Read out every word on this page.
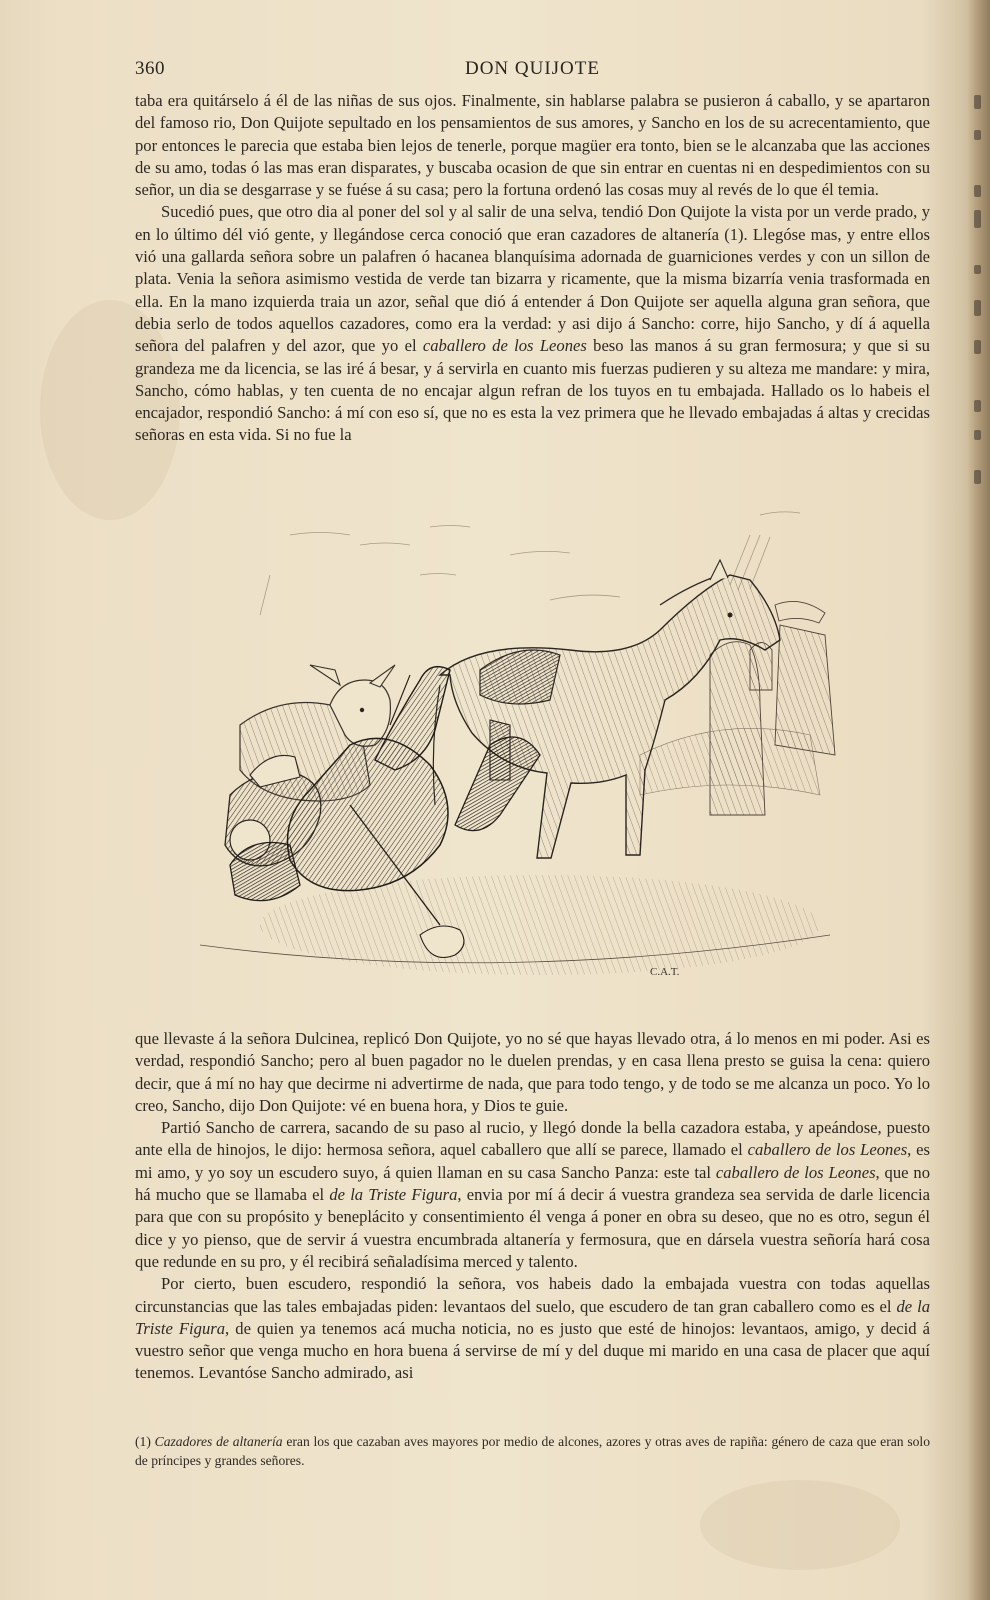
360	DON QUIJOTE

taba era quitárselo á él de las niñas de sus ojos. Finalmente, sin hablarse palabra se pusieron á caballo, y se apartaron del famoso rio, Don Quijote sepultado en los pensamientos de sus amores, y Sancho en los de su acrecentamiento, que por entonces le parecia que estaba bien lejos de tenerle, porque magüer era tonto, bien se le alcanzaba que las acciones de su amo, todas ó las mas eran disparates, y buscaba ocasion de que sin entrar en cuentas ni en despedimientos con su señor, un dia se desgarrase y se fuése á su casa; pero la fortuna ordenó las cosas muy al revés de lo que él temia.

Sucedió pues, que otro dia al poner del sol y al salir de una selva, tendió Don Quijote la vista por un verde prado, y en lo último dél vió gente, y llegándose cerca conoció que eran cazadores de altanería (1). Llegóse mas, y entre ellos vió una gallarda señora sobre un palafren ó hacanea blanquísima adornada de guarniciones verdes y con un sillon de plata. Venia la señora asimismo vestida de verde tan bizarra y ricamente, que la misma bizarría venia trasformada en ella. En la mano izquierda traia un azor, señal que dió á entender á Don Quijote ser aquella alguna gran señora, que debia serlo de todos aquellos cazadores, como era la verdad: y asi dijo á Sancho: corre, hijo Sancho, y dí á aquella señora del palafren y del azor, que yo el caballero de los Leones beso las manos á su gran fermosura; y que si su grandeza me da licencia, se las iré á besar, y á servirla en cuanto mis fuerzas pudieren y su alteza me mandare: y mira, Sancho, cómo hablas, y ten cuenta de no encajar algun refran de los tuyos en tu embajada. Hallado os lo habeis el encajador, respondió Sancho: á mí con eso sí, que no es esta la vez primera que he llevado embajadas á altas y crecidas señoras en esta vida. Si no fue la

C.A.T.

que llevaste á la señora Dulcinea, replicó Don Quijote, yo no sé que hayas llevado otra, á lo menos en mi poder. Asi es verdad, respondió Sancho; pero al buen pagador no le duelen prendas, y en casa llena presto se guisa la cena: quiero decir, que á mí no hay que decirme ni advertirme de nada, que para todo tengo, y de todo se me alcanza un poco. Yo lo creo, Sancho, dijo Don Quijote: vé en buena hora, y Dios te guie.

Partió Sancho de carrera, sacando de su paso al rucio, y llegó donde la bella cazadora estaba, y apeándose, puesto ante ella de hinojos, le dijo: hermosa señora, aquel caballero que allí se parece, llamado el caballero de los Leones, es mi amo, y yo soy un escudero suyo, á quien llaman en su casa Sancho Panza: este tal caballero de los Leones, que no há mucho que se llamaba el de la Triste Figura, envia por mí á decir á vuestra grandeza sea servida de darle licencia para que con su propósito y beneplácito y consentimiento él venga á poner en obra su deseo, que no es otro, segun él dice y yo pienso, que de servir á vuestra encumbrada altanería y fermosura, que en dársela vuestra señoría hará cosa que redunde en su pro, y él recibirá señaladísima merced y talento.

Por cierto, buen escudero, respondió la señora, vos habeis dado la embajada vuestra con todas aquellas circunstancias que las tales embajadas piden: levantaos del suelo, que escudero de tan gran caballero como es el de la Triste Figura, de quien ya tenemos acá mucha noticia, no es justo que esté de hinojos: levantaos, amigo, y decid á vuestro señor que venga mucho en hora buena á servirse de mí y del duque mi marido en una casa de placer que aquí tenemos. Levantóse Sancho admirado, asi

(1) Cazadores de altanería eran los que cazaban aves mayores por medio de alcones, azores y otras aves de rapiña: género de caza que eran solo de príncipes y grandes señores.
